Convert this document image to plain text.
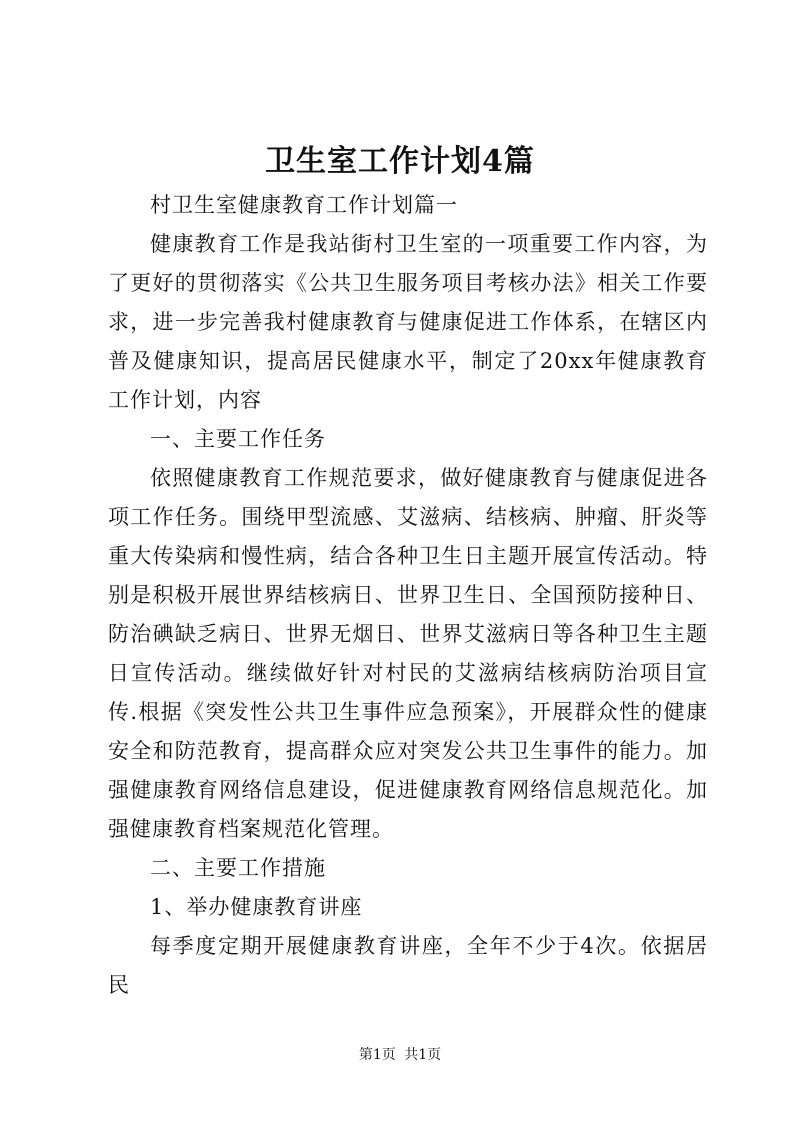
卫生室工作计划4篇

村卫生室健康教育工作计划篇一

健康教育工作是我站街村卫生室的一项重要工作内容，为了更好的贯彻落实《公共卫生服务项目考核办法》相关工作要求，进一步完善我村健康教育与健康促进工作体系，在辖区内普及健康知识，提高居民健康水平，制定了20xx年健康教育工作计划，内容

一、主要工作任务

依照健康教育工作规范要求，做好健康教育与健康促进各项工作任务。围绕甲型流感、艾滋病、结核病、肿瘤、肝炎等重大传染病和慢性病，结合各种卫生日主题开展宣传活动。特别是积极开展世界结核病日、世界卫生日、全国预防接种日、防治碘缺乏病日、世界无烟日、世界艾滋病日等各种卫生主题日宣传活动。继续做好针对村民的艾滋病结核病防治项目宣传.根据《突发性公共卫生事件应急预案》，开展群众性的健康安全和防范教育，提高群众应对突发公共卫生事件的能力。加强健康教育网络信息建设，促进健康教育网络信息规范化。加强健康教育档案规范化管理。

二、主要工作措施

1、举办健康教育讲座

每季度定期开展健康教育讲座，全年不少于4次。依据居民

第1页 共1页
